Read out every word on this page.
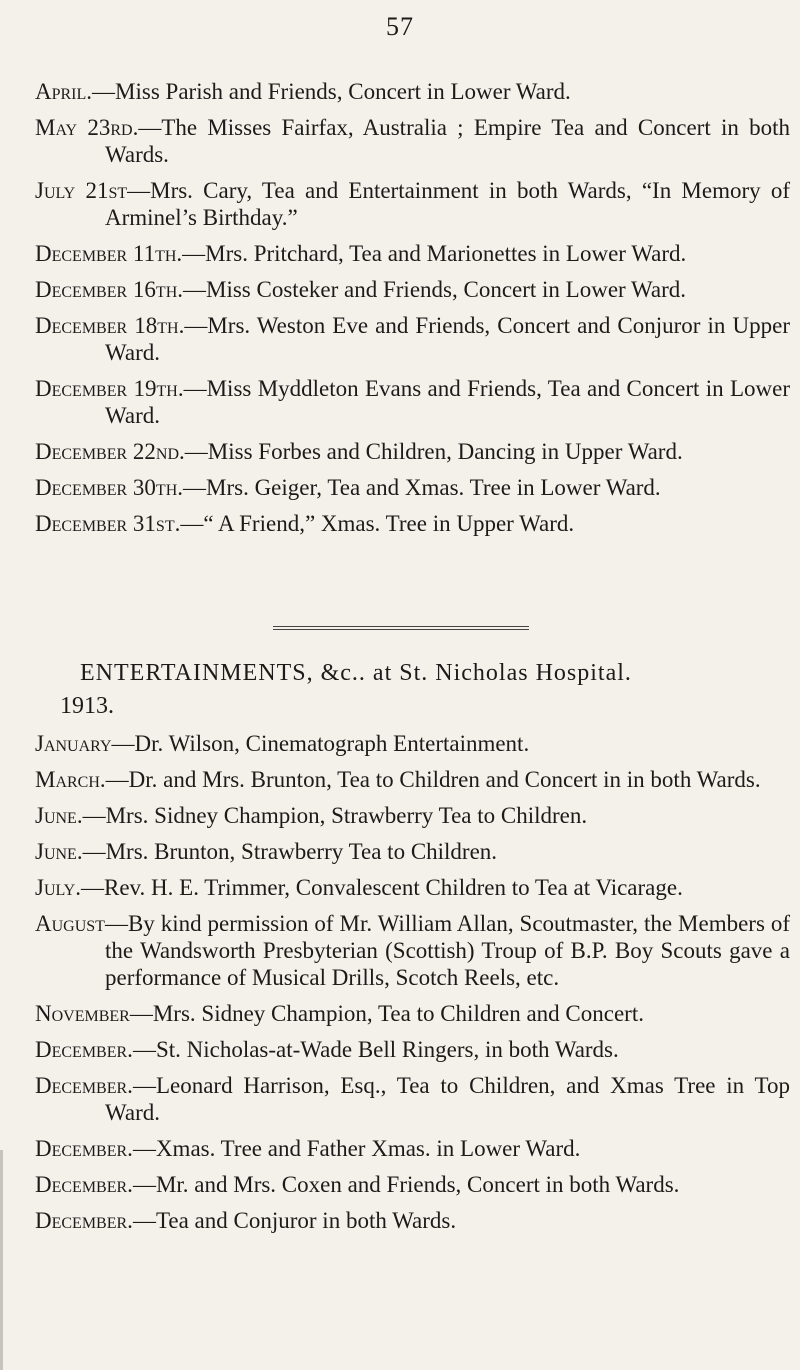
57
April.—Miss Parish and Friends, Concert in Lower Ward.
May 23rd.—The Misses Fairfax, Australia ; Empire Tea and Concert in both Wards.
July 21st—Mrs. Cary, Tea and Entertainment in both Wards, “In Memory of Arminel’s Birthday.”
December 11th.—Mrs. Pritchard, Tea and Marionettes in Lower Ward.
December 16th.—Miss Costeker and Friends, Concert in Lower Ward.
December 18th.—Mrs. Weston Eve and Friends, Concert and Conjuror in Upper Ward.
December 19th.—Miss Myddleton Evans and Friends, Tea and Concert in Lower Ward.
December 22nd.—Miss Forbes and Children, Dancing in Upper Ward.
December 30th.—Mrs. Geiger, Tea and Xmas. Tree in Lower Ward.
December 31st.—“ A Friend,” Xmas. Tree in Upper Ward.
ENTERTAINMENTS, &c.. at St. Nicholas Hospital.
1913.
January—Dr. Wilson, Cinematograph Entertainment.
March.—Dr. and Mrs. Brunton, Tea to Children and Concert in in both Wards.
June.—Mrs. Sidney Champion, Strawberry Tea to Children.
June.—Mrs. Brunton, Strawberry Tea to Children.
July.—Rev. H. E. Trimmer, Convalescent Children to Tea at Vicarage.
August—By kind permission of Mr. William Allan, Scoutmaster, the Members of the Wandsworth Presbyterian (Scottish) Troup of B.P. Boy Scouts gave a performance of Musical Drills, Scotch Reels, etc.
November—Mrs. Sidney Champion, Tea to Children and Concert.
December.—St. Nicholas-at-Wade Bell Ringers, in both Wards.
December.—Leonard Harrison, Esq., Tea to Children, and Xmas Tree in Top Ward.
December.—Xmas. Tree and Father Xmas. in Lower Ward.
December.—Mr. and Mrs. Coxen and Friends, Concert in both Wards.
December.—Tea and Conjuror in both Wards.
